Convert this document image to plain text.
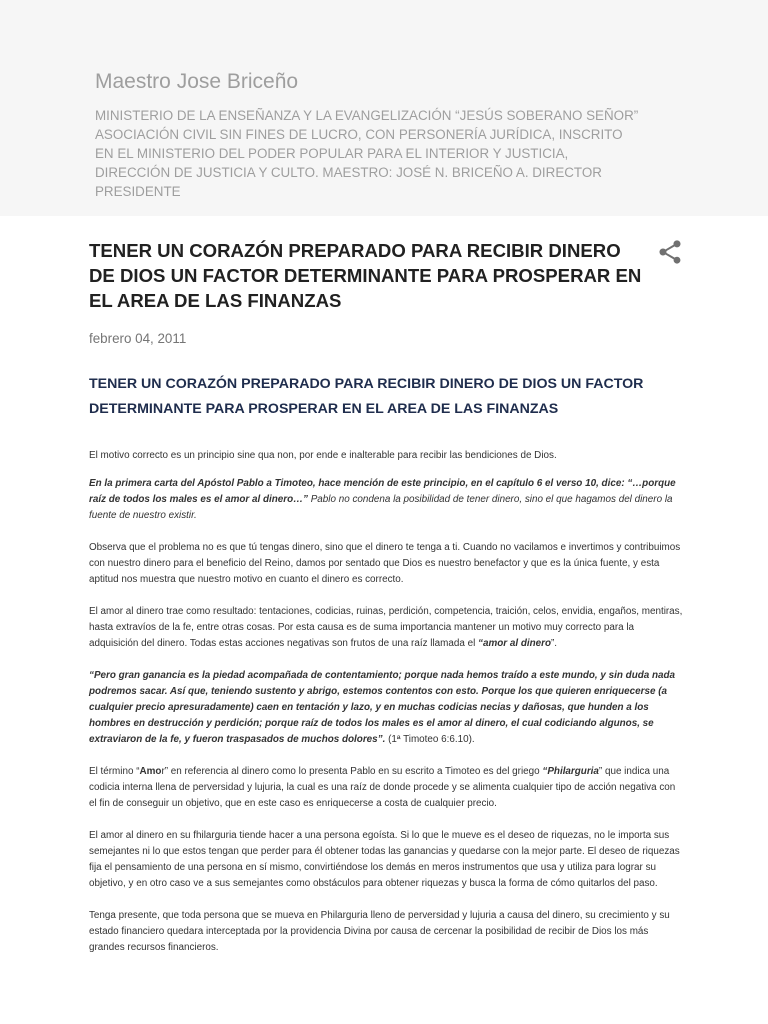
Maestro Jose Briceño

MINISTERIO DE LA ENSEÑANZA Y LA EVANGELIZACIÓN “JESÚS SOBERANO SEÑOR” ASOCIACIÓN CIVIL SIN FINES DE LUCRO, CON PERSONERÍA JURÍDICA, INSCRITO EN EL MINISTERIO DEL PODER POPULAR PARA EL INTERIOR Y JUSTICIA, DIRECCIÓN DE JUSTICIA Y CULTO. MAESTRO: JOSÉ N. BRICEÑO A. DIRECTOR PRESIDENTE

TENER UN CORAZÓN PREPARADO PARA RECIBIR DINERO DE DIOS UN FACTOR DETERMINANTE PARA PROSPERAR EN EL AREA DE LAS FINANZAS
febrero 04, 2011
TENER UN CORAZÓN PREPARADO PARA RECIBIR DINERO DE DIOS UN FACTOR DETERMINANTE PARA PROSPERAR EN EL AREA DE LAS FINANZAS

El motivo correcto es un principio sine qua non, por ende e inalterable para recibir las bendiciones de Dios.

En la primera carta del Apóstol Pablo a Timoteo, hace mención de este principio, en el capítulo 6 el verso 10, dice: “…porque raíz de todos los males es el amor al dinero…” Pablo no condena la posibilidad de tener dinero, sino el que hagamos del dinero la fuente de nuestro existir.

Observa que el problema no es que tú tengas dinero, sino que el dinero te tenga a ti. Cuando no vacilamos e invertimos y contribuimos con nuestro dinero para el beneficio del Reino, damos por sentado que Dios es nuestro benefactor y que es la única fuente, y esta aptitud nos muestra que nuestro motivo en cuanto el dinero es correcto.

El amor al dinero trae como resultado: tentaciones, codicias, ruinas, perdición, competencia, traición, celos, envidia, engaños, mentiras, hasta extravíos de la fe, entre otras cosas. Por esta causa es de suma importancia mantener un motivo muy correcto para la adquisición del dinero. Todas estas acciones negativas son frutos de una raíz llamada el “amor al dinero”.

“Pero gran ganancia es la piedad acompañada de contentamiento; porque nada hemos traído a este mundo, y sin duda nada podremos sacar. Así que, teniendo sustento y abrigo, estemos contentos con esto. Porque los que quieren enriquecerse (a cualquier precio apresuradamente) caen en tentación y lazo, y en muchas codicias necias y dañosas, que hunden a los hombres en destrucción y perdición; porque raíz de todos los males es el amor al dinero, el cual codiciando algunos, se extraviaron de la fe, y fueron traspasados de muchos dolores”. (1ª Timoteo 6:6.10).

El término “Amor” en referencia al dinero como lo presenta Pablo en su escrito a Timoteo es del griego “Philarguria” que indica una codicia interna llena de perversidad y lujuria, la cual es una raíz de donde procede y se alimenta cualquier tipo de acción negativa con el fin de conseguir un objetivo, que en este caso es enriquecerse a costa de cualquier precio.

El amor al dinero en su fhilarguria tiende hacer a una persona egoísta. Si lo que le mueve es el deseo de riquezas, no le importa sus semejantes ni lo que estos tengan que perder para él obtener todas las ganancias y quedarse con la mejor parte. El deseo de riquezas fija el pensamiento de una persona en sí mismo, convirtiéndose los demás en meros instrumentos que usa y utiliza para lograr su objetivo, y en otro caso ve a sus semejantes como obstáculos para obtener riquezas y busca la forma de cómo quitarlos del paso.

Tenga presente, que toda persona que se mueva en Philarguria lleno de perversidad y lujuria a causa del dinero, su crecimiento y su estado financiero quedara interceptada por la providencia Divina por causa de cercenar la posibilidad de recibir de Dios los más grandes recursos financieros.
